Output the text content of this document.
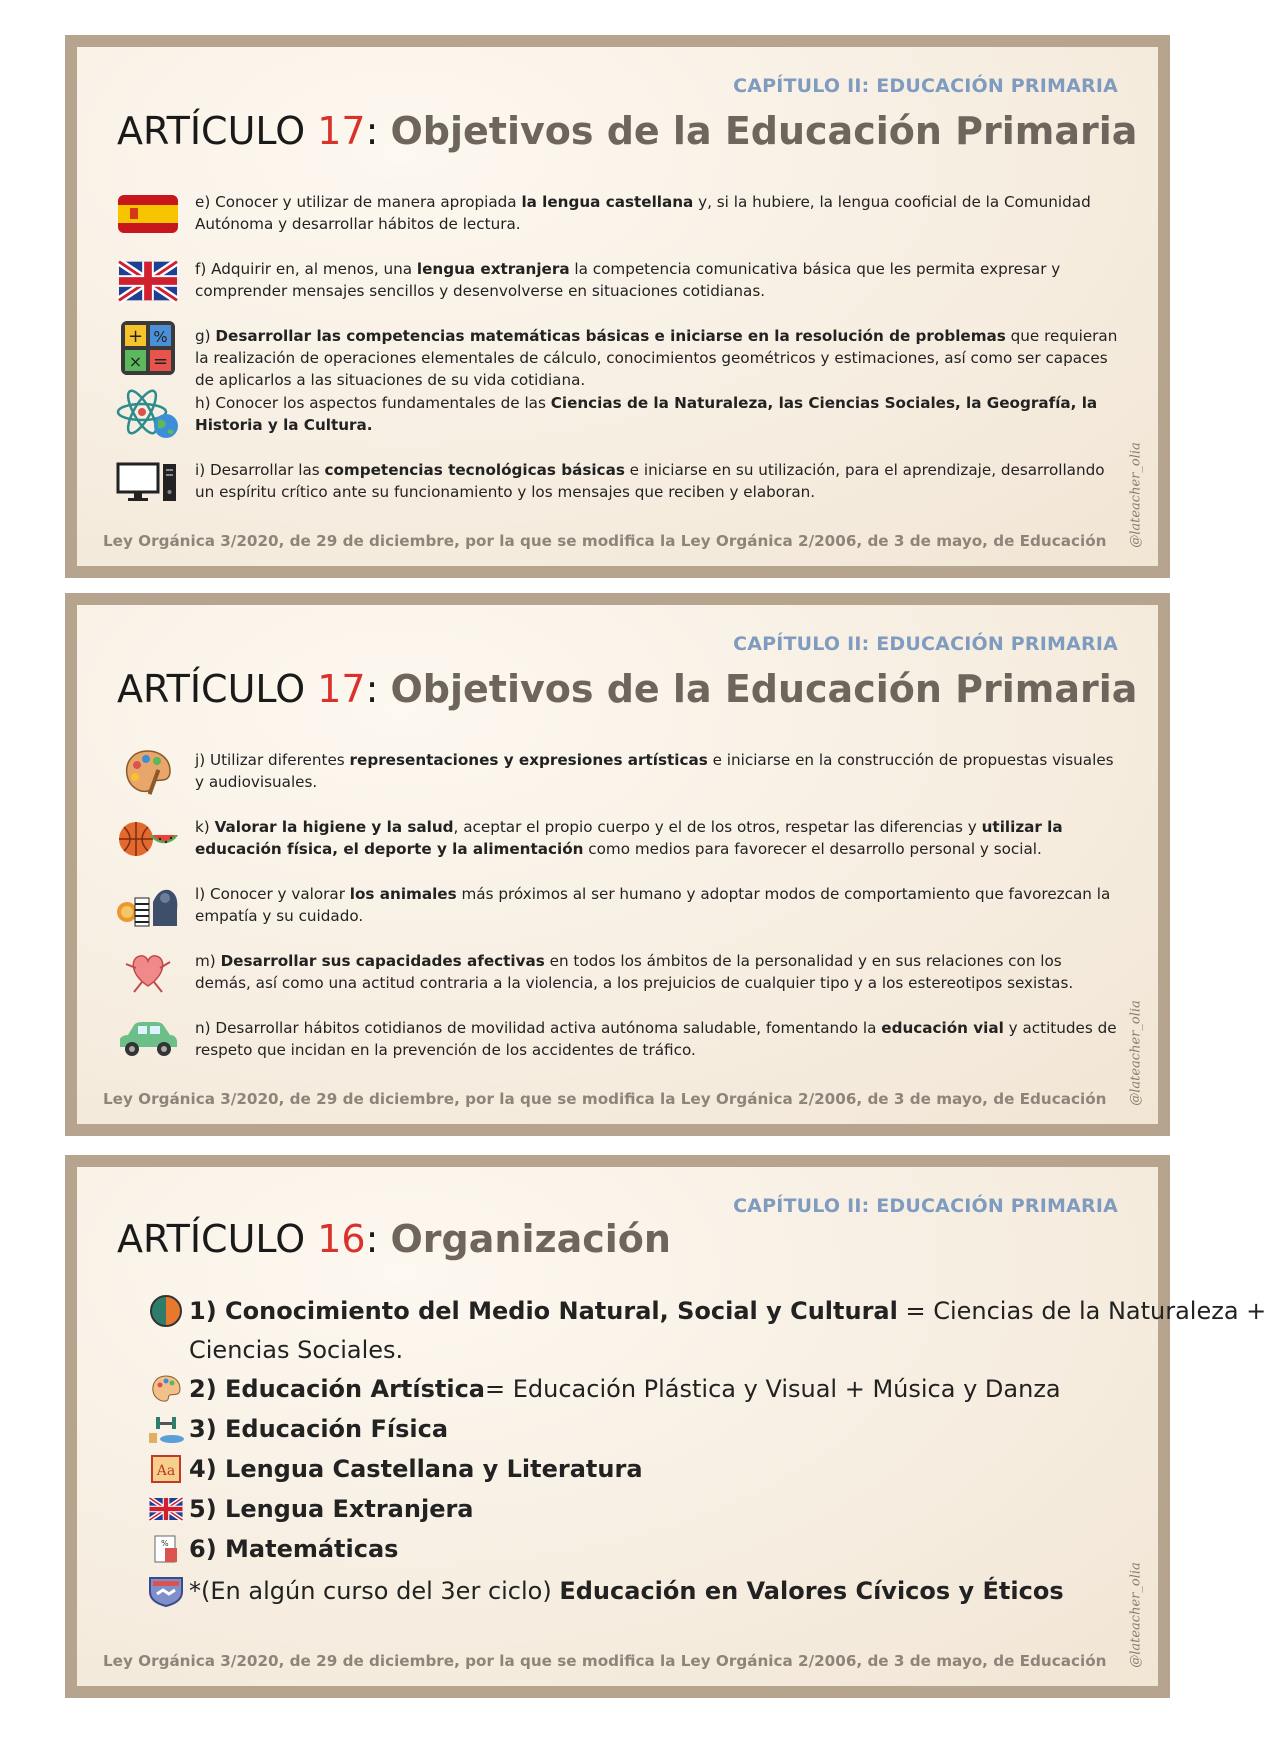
CAPÍTULO II: EDUCACIÓN PRIMARIA
ARTÍCULO 17: Objetivos de la Educación Primaria
e) Conocer y utilizar de manera apropiada la lengua castellana y, si la hubiere, la lengua cooficial de la Comunidad Autónoma y desarrollar hábitos de lectura.
f) Adquirir en, al menos, una lengua extranjera la competencia comunicativa básica que les permita expresar y comprender mensajes sencillos y desenvolverse en situaciones cotidianas.
+ %
× =
g) Desarrollar las competencias matemáticas básicas e iniciarse en la resolución de problemas que requieran la realización de operaciones elementales de cálculo, conocimientos geométricos y estimaciones, así como ser capaces de aplicarlos a las situaciones de su vida cotidiana.
h) Conocer los aspectos fundamentales de las Ciencias de la Naturaleza, las Ciencias Sociales, la Geografía, la Historia y la Cultura.
i) Desarrollar las competencias tecnológicas básicas e iniciarse en su utilización, para el aprendizaje, desarrollando un espíritu crítico ante su funcionamiento y los mensajes que reciben y elaboran.
Ley Orgánica 3/2020, de 29 de diciembre, por la que se modifica la Ley Orgánica 2/2006, de 3 de mayo, de Educación @lateacher_olia
CAPÍTULO II: EDUCACIÓN PRIMARIA
ARTÍCULO 17: Objetivos de la Educación Primaria
j) Utilizar diferentes representaciones y expresiones artísticas e iniciarse en la construcción de propuestas visuales y audiovisuales.
k) Valorar la higiene y la salud, aceptar el propio cuerpo y el de los otros, respetar las diferencias y utilizar la educación física, el deporte y la alimentación como medios para favorecer el desarrollo personal y social.
l) Conocer y valorar los animales más próximos al ser humano y adoptar modos de comportamiento que favorezcan la empatía y su cuidado.
m) Desarrollar sus capacidades afectivas en todos los ámbitos de la personalidad y en sus relaciones con los demás, así como una actitud contraria a la violencia, a los prejuicios de cualquier tipo y a los estereotipos sexistas.
n) Desarrollar hábitos cotidianos de movilidad activa autónoma saludable, fomentando la educación vial y actitudes de respeto que incidan en la prevención de los accidentes de tráfico.
Ley Orgánica 3/2020, de 29 de diciembre, por la que se modifica la Ley Orgánica 2/2006, de 3 de mayo, de Educación @lateacher_olia
CAPÍTULO II: EDUCACIÓN PRIMARIA
ARTÍCULO 16: Organización
1) Conocimiento del Medio Natural, Social y Cultural = Ciencias de la Naturaleza +
Ciencias Sociales.
2) Educación Artística= Educación Plástica y Visual + Música y Danza
3) Educación Física
Aa 4) Lengua Castellana y Literatura
5) Lengua Extranjera
% 6) Matemáticas
*(En algún curso del 3er ciclo) Educación en Valores Cívicos y Éticos
Ley Orgánica 3/2020, de 29 de diciembre, por la que se modifica la Ley Orgánica 2/2006, de 3 de mayo, de Educación @lateacher_olia
